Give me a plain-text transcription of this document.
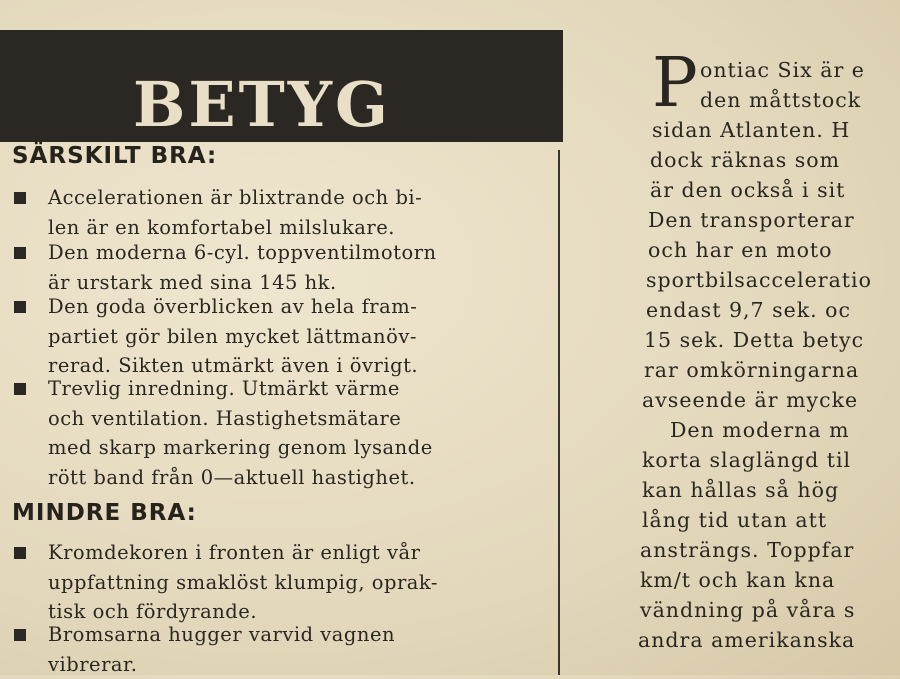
BETYG
SÄRSKILT BRA:
Accelerationen är blixtrande och bi-
len är en komfortabel milslukare.
Den moderna 6-cyl. toppventilmotorn
är urstark med sina 145 hk.
Den goda överblicken av hela fram-
partiet gör bilen mycket lättmanöv-
rerad. Sikten utmärkt även i övrigt.
Trevlig inredning. Utmärkt värme
och ventilation. Hastighetsmätare
med skarp markering genom lysande
rött band från 0—aktuell hastighet.
MINDRE BRA:
Kromdekoren i fronten är enligt vår
uppfattning smaklöst klumpig, oprak-
tisk och fördyrande.
Bromsarna hugger varvid vagnen
vibrerar.
P ontiac Six är e
den måttstock
sidan Atlanten. H
dock räknas som
är den också i sit
Den transporterar
och har en moto
sportbilsacceleratio
endast 9,7 sek. oc
15 sek. Detta betyc
rar omkörningarna
avseende är mycke
Den moderna m
korta slaglängd til
kan hållas så hög
lång tid utan att
ansträngs. Toppfar
km/t och kan kna
vändning på våra s
andra amerikanska
